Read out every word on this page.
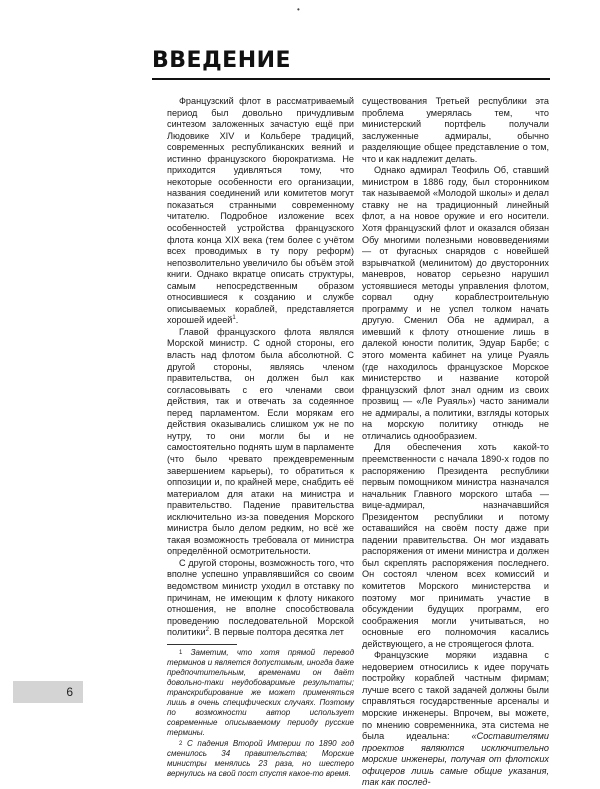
•
ВВЕДЕНИЕ

Французский флот в рассматриваемый период был довольно причудливым синтезом заложенных зачастую ещё при Людовике XIV и Кольбере традиций, современных республиканских веяний и истинно французского бюрократизма. Не приходится удивляться тому, что некоторые особенности его организации, названия соединений или комитетов могут показаться странными современному читателю. Подробное изложение всех особенностей устройства французского флота конца XIX века (тем более с учётом всех проводимых в ту пору реформ) непозволительно увеличило бы объём этой книги. Однако вкратце описать структуры, самым непосредственным образом относившиеся к созданию и службе описываемых кораблей, представляется хорошей идеей$^1$.

Главой французского флота являлся Морской министр. С одной стороны, его власть над флотом была абсолютной. С другой стороны, являясь членом правительства, он должен был как согласовывать с его членами свои действия, так и отвечать за содеянное перед парламентом. Если морякам его действия оказывались слишком уж не по нутру, то они могли бы и не самостоятельно поднять шум в парламенте (что было чревато преждевременным завершением карьеры), то обратиться к оппозиции и, по крайней мере, снабдить её материалом для атаки на министра и правительство. Падение правительства исключительно из-за поведения Морского министра было делом редким, но всё же такая возможность требовала от министра определённой осмотрительности.

С другой стороны, возможность того, что вполне успешно управлявшийся со своим ведомством министр уходил в отставку по причинам, не имеющим к флоту никакого отношения, не вполне способствовала проведению последовательной Морской политики$^2$. В первые полтора десятка лет

$^1$ Заметим, что хотя прямой перевод терминов и является допустимым, иногда даже предпочтительным, временами он даёт довольно-таки неудобоваримые результаты; транскрибирование же может применяться лишь в очень специфических случаях. Поэтому по возможности автор использует современные описываемому периоду русские термины.

$^2$ С падения Второй Империи по 1890 год сменилось 34 правительства; Морские министры менялись 23 раза, но шестеро вернулись на свой пост спустя какое-то время.

существования Третьей республики эта проблема умерялась тем, что министерский портфель получали заслуженные адмиралы, обычно разделяющие общее представление о том, что и как надлежит делать.

Однако адмирал Теофиль Об, ставший министром в 1886 году, был сторонником так называемой «Молодой школы» и делал ставку не на традиционный линейный флот, а на новое оружие и его носители. Хотя французский флот и оказался обязан Обу многими полезными нововведениями — от фугасных снарядов с новейшей взрывчаткой (мелинитом) до двусторонних маневров, новатор серьезно нарушил устоявшиеся методы управления флотом, сорвал одну кораблестроительную программу и не успел толком начать другую. Сменил Оба не адмирал, а имевший к флоту отношение лишь в далекой юности политик, Эдуар Барбе; с этого момента кабинет на улице Руаяль (где находилось французское Морское министерство и название которой французский флот знал одним из своих прозвищ — «Ле Руаяль») часто занимали не адмиралы, а политики, взгляды которых на морскую политику отнюдь не отличались однообразием.

Для обеспечения хоть какой-то преемственности с начала 1890-х годов по распоряжению Президента республики первым помощником министра назначался начальник Главного морского штаба — вице-адмирал, назначавшийся Президентом республики и потому оставашийся на своём посту даже при падении правительства. Он мог издавать распоряжения от имени министра и должен был скреплять распоряжения последнего. Он состоял членом всех комиссий и комитетов Морского министерства и поэтому мог принимать участие в обсуждении будущих программ, его соображения могли учитываться, но основные его полномочия касались действующего, а не строящегося флота.

Французские моряки издавна с недоверием относились к идее поручать постройку кораблей частным фирмам; лучше всего с такой задачей должны были справляться государственные арсеналы и морские инженеры. Впрочем, вы можете, по мнению современника, эта система не была идеальна: «Составителями проектов являются исключительно морские инженеры, получая от флотских офицеров лишь самые общие указания, так как послед-

6
